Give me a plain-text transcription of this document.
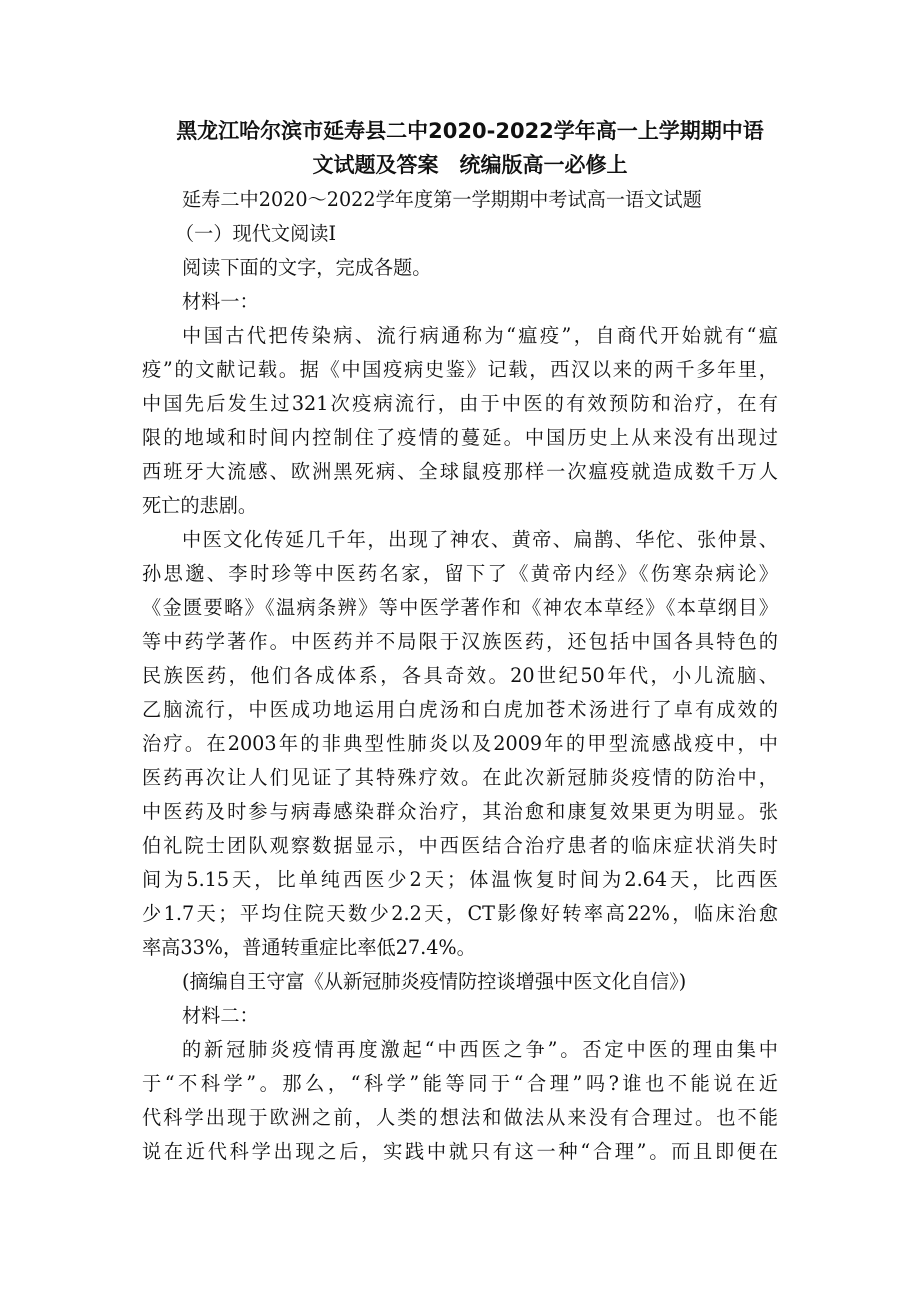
黑龙江哈尔滨市延寿县二中2020-2022学年高一上学期期中语
文试题及答案　统编版高一必修上
延寿二中2020～2022学年度第一学期期中考试高一语文试题
（一）现代文阅读Ⅰ
阅读下面的文字，完成各题。
材料一：
中国古代把传染病、流行病通称为“瘟疫”，自商代开始就有“瘟
疫”的文献记载。据《中国疫病史鉴》记载，西汉以来的两千多年里，
中国先后发生过321次疫病流行，由于中医的有效预防和治疗，在有
限的地域和时间内控制住了疫情的蔓延。中国历史上从来没有出现过
西班牙大流感、欧洲黑死病、全球鼠疫那样一次瘟疫就造成数千万人
死亡的悲剧。
中医文化传延几千年，出现了神农、黄帝、扁鹊、华佗、张仲景、
孙思邈、李时珍等中医药名家，留下了《黄帝内经》《伤寒杂病论》
《金匮要略》《温病条辨》等中医学著作和《神农本草经》《本草纲目》
等中药学著作。中医药并不局限于汉族医药，还包括中国各具特色的
民族医药，他们各成体系，各具奇效。20世纪50年代，小儿流脑、
乙脑流行，中医成功地运用白虎汤和白虎加苍术汤进行了卓有成效的
治疗。在2003年的非典型性肺炎以及2009年的甲型流感战疫中，中
医药再次让人们见证了其特殊疗效。在此次新冠肺炎疫情的防治中，
中医药及时参与病毒感染群众治疗，其治愈和康复效果更为明显。张
伯礼院士团队观察数据显示，中西医结合治疗患者的临床症状消失时
间为5.15天，比单纯西医少2天；体温恢复时间为2.64天，比西医
少1.7天；平均住院天数少2.2天，CT影像好转率高22%，临床治愈
率高33%，普通转重症比率低27.4%。
(摘编自王守富《从新冠肺炎疫情防控谈增强中医文化自信》)
材料二：
的新冠肺炎疫情再度激起“中西医之争”。否定中医的理由集中
于“不科学”。那么，“科学”能等同于“合理”吗?谁也不能说在近
代科学出现于欧洲之前，人类的想法和做法从来没有合理过。也不能
说在近代科学出现之后，实践中就只有这一种“合理”。而且即便在
